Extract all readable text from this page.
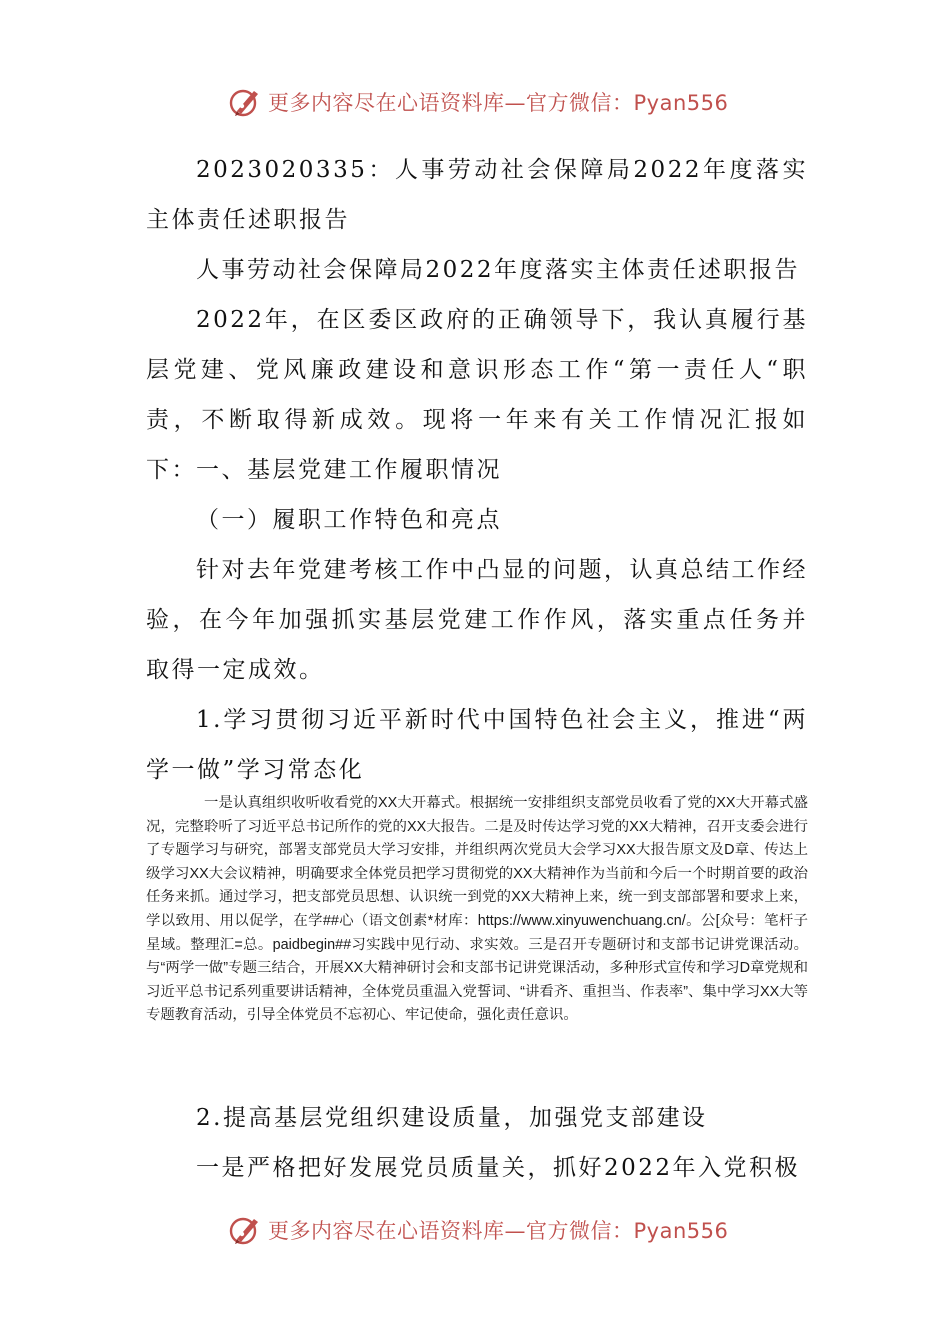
更多内容尽在心语资料库—官方微信：Pyan556

2023020335：人事劳动社会保障局2022年度落实主体责任述职报告

人事劳动社会保障局2022年度落实主体责任述职报告

2022年，在区委区政府的正确领导下，我认真履行基层党建、党风廉政建设和意识形态工作“第一责任人“职责，不断取得新成效。现将一年来有关工作情况汇报如下： 一、基层党建工作履职情况

（一）履职工作特色和亮点

针对去年党建考核工作中凸显的问题，认真总结工作经验，在今年加强抓实基层党建工作作风，落实重点任务并取得一定成效。

1.学习贯彻习近平新时代中国特色社会主义，推进“两学一做”学习常态化

一是认真组织收听收看党的XX大开幕式。根据统一安排组织支部党员收看了党的XX大开幕式盛况，完整聆听了习近平总书记所作的党的XX大报告。二是及时传达学习党的XX大精神，召开支委会进行了专题学习与研究，部署支部党员大学习安排，并组织两次党员大会学习XX大报告原文及D章、传达上级学习XX大会议精神，明确要求全体党员把学习贯彻党的XX大精神作为当前和今后一个时期首要的政治任务来抓。通过学习，把支部党员思想、认识统一到党的XX大精神上来，统一到支部部署和要求上来，学以致用、用以促学，在学##心（语文创素*材库：https://www.xinyuwenchuang.cn/。公[众号：笔杆子星域。整理汇=总。paidbegin##习实践中见行动、求实效。三是召开专题研讨和支部书记讲党课活动。与“两学一做”专题三结合，开展XX大精神研讨会和支部书记讲党课活动，多种形式宣传和学习D章党规和习近平总书记系列重要讲话精神，全体党员重温入党誓词、“讲看齐、重担当、作表率”、集中学习XX大等专题教育活动，引导全体党员不忘初心、牢记使命，强化责任意识。

2.提高基层党组织建设质量，加强党支部建设

一是严格把好发展党员质量关，抓好2022年入党积极

更多内容尽在心语资料库—官方微信：Pyan556
